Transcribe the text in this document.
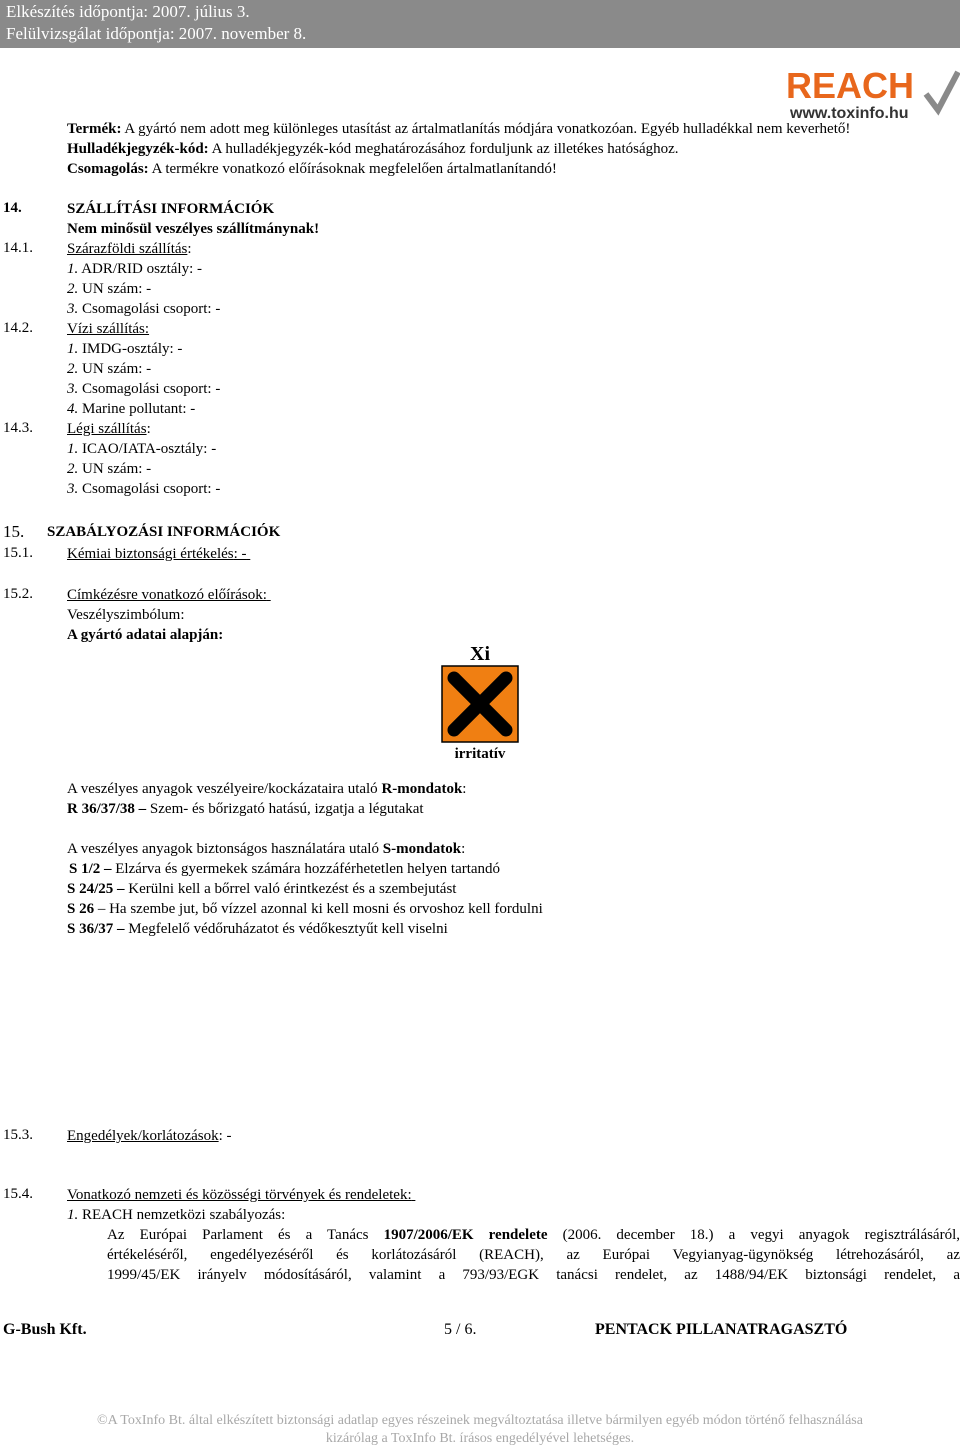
Elkészítés időpontja: 2007. július 3.
Felülvizsgálat időpontja: 2007. november 8.
REACH
www.toxinfo.hu
Termék: A gyártó nem adott meg különleges utasítást az ártalmatlanítás módjára vonatkozóan. Egyéb hulladékkal nem keverhető!
Hulladékjegyzék-kód: A hulladékjegyzék-kód meghatározásához forduljunk az illetékes hatósághoz.
Csomagolás: A termékre vonatkozó előírásoknak megfelelően ártalmatlanítandó!
14.	SZÁLLÍTÁSI INFORMÁCIÓK
Nem minősül veszélyes szállítmánynak!
14.1. Szárazföldi szállítás:
1. ADR/RID osztály: -
2. UN szám: -
3. Csomagolási csoport: -
14.2. Vízi szállítás:
1. IMDG-osztály: -
2. UN szám: -
3. Csomagolási csoport: -
4. Marine pollutant: -
14.3. Légi szállítás:
1. ICAO/IATA-osztály: -
2. UN szám: -
3. Csomagolási csoport: -
15. SZABÁLYOZÁSI INFORMÁCIÓK
15.1. Kémiai biztonsági értékelés: -
15.2. Címkézésre vonatkozó előírások:
Veszélyszimbólum:
A gyártó adatai alapján:
Xi
irritatív
A veszélyes anyagok veszélyeire/kockázataira utaló R-mondatok:
R 36/37/38 – Szem- és bőrizgató hatású, izgatja a légutakat
A veszélyes anyagok biztonságos használatára utaló S-mondatok:
S 1/2 – Elzárva és gyermekek számára hozzáférhetetlen helyen tartandó
S 24/25 – Kerülni kell a bőrrel való érintkezést és a szembejutást
S 26 – Ha szembe jut, bő vízzel azonnal ki kell mosni és orvoshoz kell fordulni
S 36/37 – Megfelelő védőruházatot és védőkesztyűt kell viselni
15.3. Engedélyek/korlátozások: -
15.4. Vonatkozó nemzeti és közösségi törvények és rendeletek:
1. REACH nemzetközi szabályozás:
Az Európai Parlament és a Tanács 1907/2006/EK rendelete (2006. december 18.) a vegyi anyagok regisztrálásáról,
értékeléséről, engedélyezéséről és korlátozásáról (REACH), az Európai Vegyianyag-ügynökség létrehozásáról, az
1999/45/EK irányelv módosításáról, valamint a 793/93/EGK tanácsi rendelet, az 1488/94/EK biztonsági rendelet, a
G-Bush Kft.	5 / 6.	PENTACK PILLANATRAGASZTÓ
©A ToxInfo Bt. által elkészített biztonsági adatlap egyes részeinek megváltoztatása illetve bármilyen egyéb módon történő felhasználása
kizárólag a ToxInfo Bt. írásos engedélyével lehetséges.
